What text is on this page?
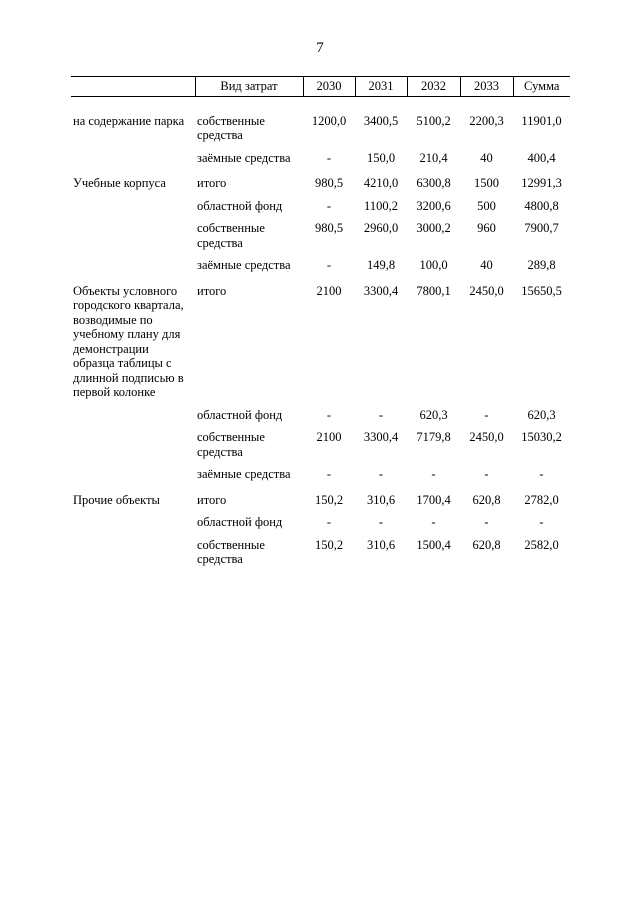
7
	Вид затрат	2030	2031	2032	2033	Сумма

на содержание парка	собственные средства	1200,0	3400,5	5100,2	2200,3	11901,0
	заёмные средства	-	150,0	210,4	40	400,4
Учебные корпуса	итого	980,5	4210,0	6300,8	1500	12991,3
	областной фонд	-	1100,2	3200,6	500	4800,8
	собственные средства	980,5	2960,0	3000,2	960	7900,7
	заёмные средства	-	149,8	100,0	40	289,8
Объекты условного городского квартала, возводимые по учебному плану для демонстрации образца таблицы с длинной подписью в первой колонке	итого	2100	3300,4	7800,1	2450,0	15650,5
	областной фонд	-	-	620,3	-	620,3
	собственные средства	2100	3300,4	7179,8	2450,0	15030,2
	заёмные средства	-	-	-	-	-
Прочие объекты	итого	150,2	310,6	1700,4	620,8	2782,0
	областной фонд	-	-	-	-	-
	собственные средства	150,2	310,6	1500,4	620,8	2582,0
